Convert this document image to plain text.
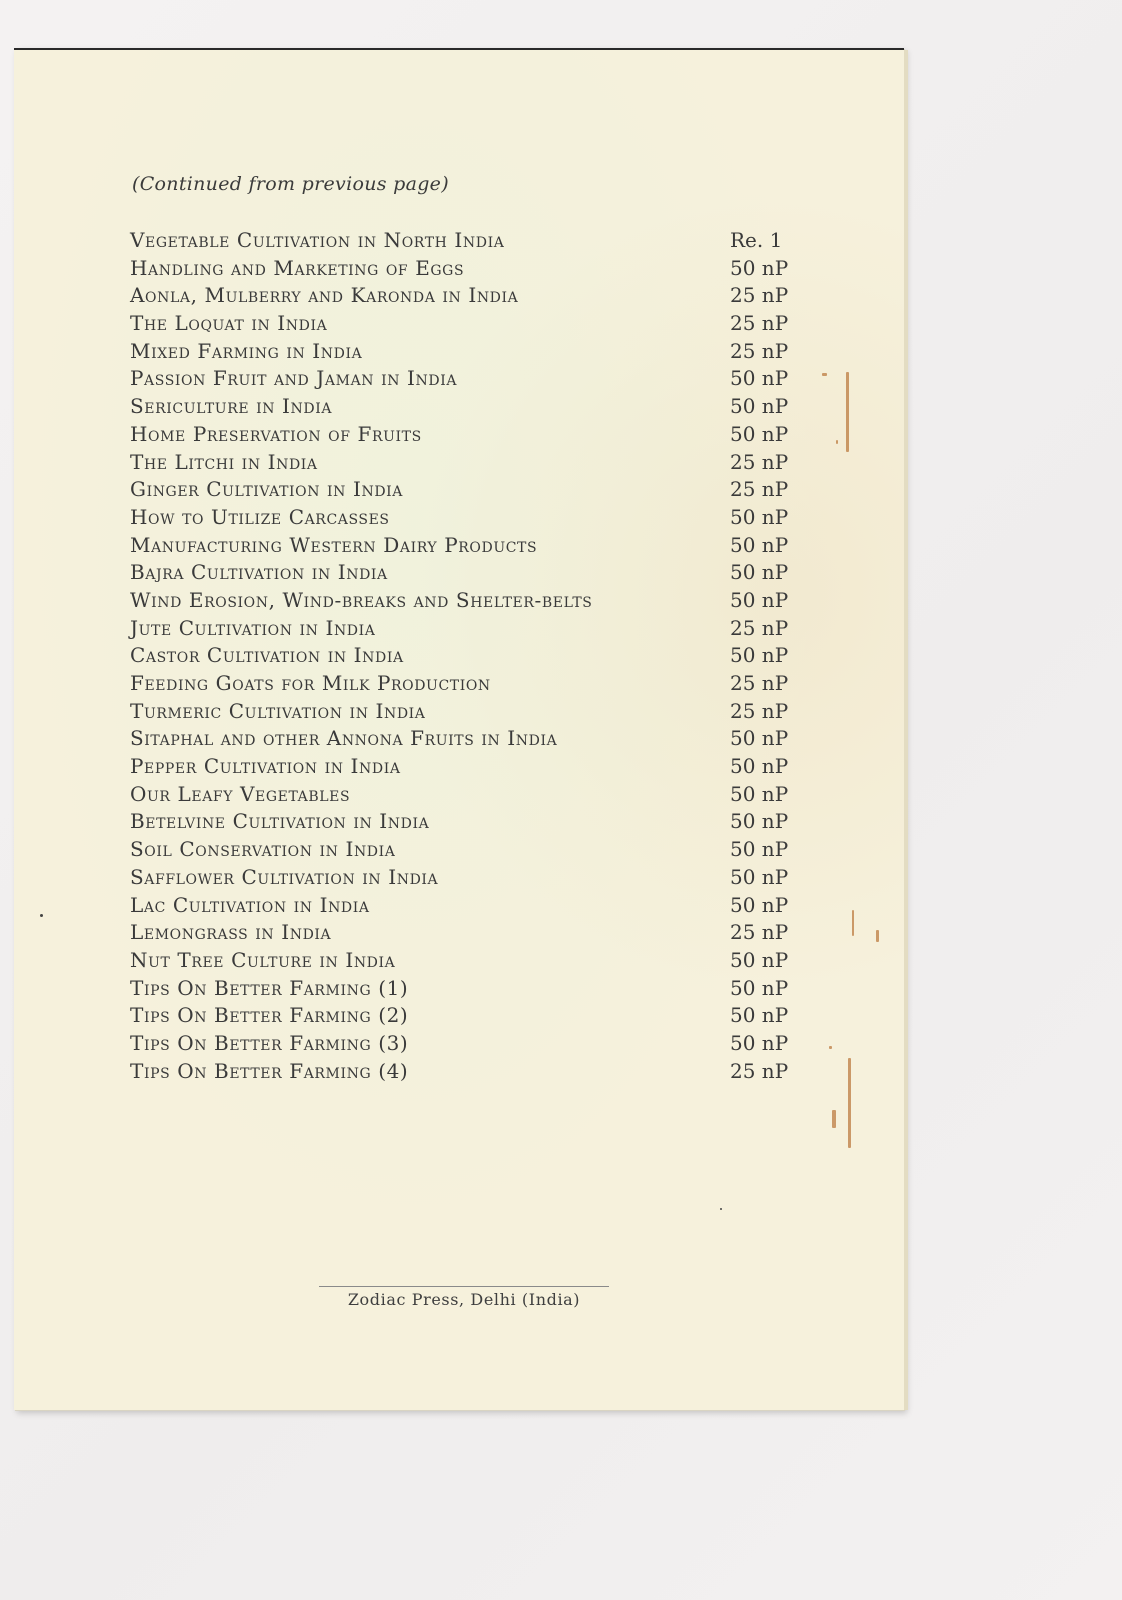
(Continued from previous page)
Vegetable Cultivation in North India	Re. 1
Handling and Marketing of Eggs	50 nP
Aonla, Mulberry and Karonda in India	25 nP
The Loquat in India	25 nP
Mixed Farming in India	25 nP
Passion Fruit and Jaman in India	50 nP
Sericulture in India	50 nP
Home Preservation of Fruits	50 nP
The Litchi in India	25 nP
Ginger Cultivation in India	25 nP
How to Utilize Carcasses	50 nP
Manufacturing Western Dairy Products	50 nP
Bajra Cultivation in India	50 nP
Wind Erosion, Wind-breaks and Shelter-belts	50 nP
Jute Cultivation in India	25 nP
Castor Cultivation in India	50 nP
Feeding Goats for Milk Production	25 nP
Turmeric Cultivation in India	25 nP
Sitaphal and other Annona Fruits in India	50 nP
Pepper Cultivation in India	50 nP
Our Leafy Vegetables	50 nP
Betelvine Cultivation in India	50 nP
Soil Conservation in India	50 nP
Safflower Cultivation in India	50 nP
Lac Cultivation in India	50 nP
Lemongrass in India	25 nP
Nut Tree Culture in India	50 nP
Tips On Better Farming (1)	50 nP
Tips On Better Farming (2)	50 nP
Tips On Better Farming (3)	50 nP
Tips On Better Farming (4)	25 nP
Zodiac Press, Delhi (India)
